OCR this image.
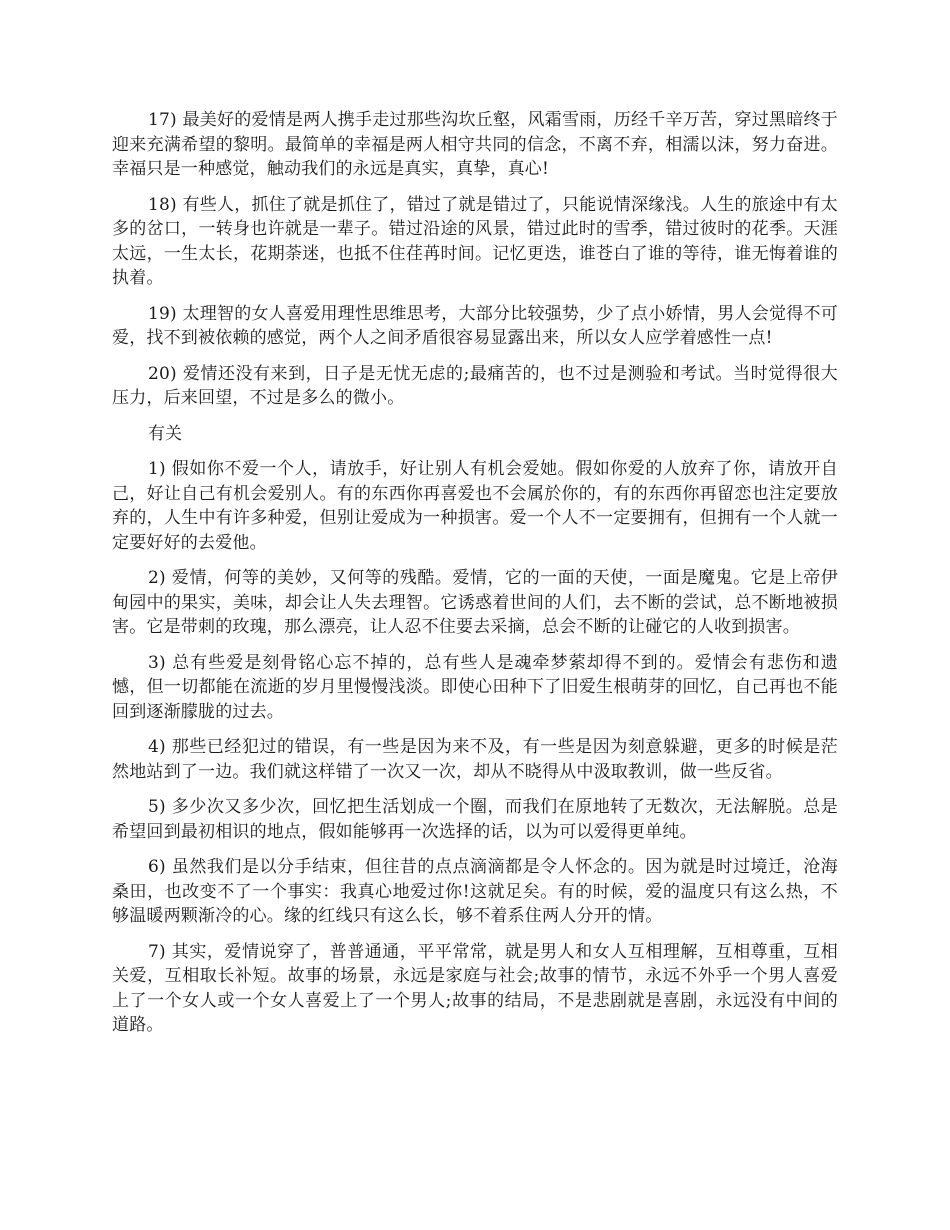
17) 最美好的爱情是两人携手走过那些沟坎丘壑，风霜雪雨，历经千辛万苦，穿过黑暗终于迎来充满希望的黎明。最简单的幸福是两人相守共同的信念，不离不弃，相濡以沫，努力奋进。幸福只是一种感觉，触动我们的永远是真实，真挚，真心!

18) 有些人，抓住了就是抓住了，错过了就是错过了，只能说情深缘浅。人生的旅途中有太多的岔口，一转身也许就是一辈子。错过沿途的风景，错过此时的雪季，错过彼时的花季。天涯太远，一生太长，花期荼迷，也抵不住荏苒时间。记忆更迭，谁苍白了谁的等待，谁无悔着谁的执着。

19) 太理智的女人喜爱用理性思维思考，大部分比较强势，少了点小娇情，男人会觉得不可爱，找不到被依赖的感觉，两个人之间矛盾很容易显露出来，所以女人应学着感性一点!

20) 爱情还没有来到，日子是无忧无虑的;最痛苦的，也不过是测验和考试。当时觉得很大压力，后来回望，不过是多么的微小。

有关

1) 假如你不爱一个人，请放手，好让别人有机会爱她。假如你爱的人放弃了你，请放开自己，好让自己有机会爱别人。有的东西你再喜爱也不会属於你的，有的东西你再留恋也注定要放弃的，人生中有许多种爱，但别让爱成为一种损害。爱一个人不一定要拥有，但拥有一个人就一定要好好的去爱他。

2) 爱情，何等的美妙，又何等的残酷。爱情，它的一面的天使，一面是魔鬼。它是上帝伊甸园中的果实，美味，却会让人失去理智。它诱惑着世间的人们，去不断的尝试，总不断地被损害。它是带刺的玫瑰，那么漂亮，让人忍不住要去采摘，总会不断的让碰它的人收到损害。

3) 总有些爱是刻骨铭心忘不掉的，总有些人是魂牵梦萦却得不到的。爱情会有悲伤和遗憾，但一切都能在流逝的岁月里慢慢浅淡。即使心田种下了旧爱生根萌芽的回忆，自己再也不能回到逐渐朦胧的过去。

4) 那些已经犯过的错误，有一些是因为来不及，有一些是因为刻意躲避，更多的时候是茫然地站到了一边。我们就这样错了一次又一次，却从不晓得从中汲取教训，做一些反省。

5) 多少次又多少次，回忆把生活划成一个圈，而我们在原地转了无数次，无法解脱。总是希望回到最初相识的地点，假如能够再一次选择的话，以为可以爱得更单纯。

6) 虽然我们是以分手结束，但往昔的点点滴滴都是令人怀念的。因为就是时过境迁，沧海桑田，也改变不了一个事实：我真心地爱过你!这就足矣。有的时候，爱的温度只有这么热，不够温暖两颗渐冷的心。缘的红线只有这么长，够不着系住两人分开的情。

7) 其实，爱情说穿了，普普通通，平平常常，就是男人和女人互相理解，互相尊重，互相关爱，互相取长补短。故事的场景，永远是家庭与社会;故事的情节，永远不外乎一个男人喜爱上了一个女人或一个女人喜爱上了一个男人;故事的结局，不是悲剧就是喜剧，永远没有中间的道路。
